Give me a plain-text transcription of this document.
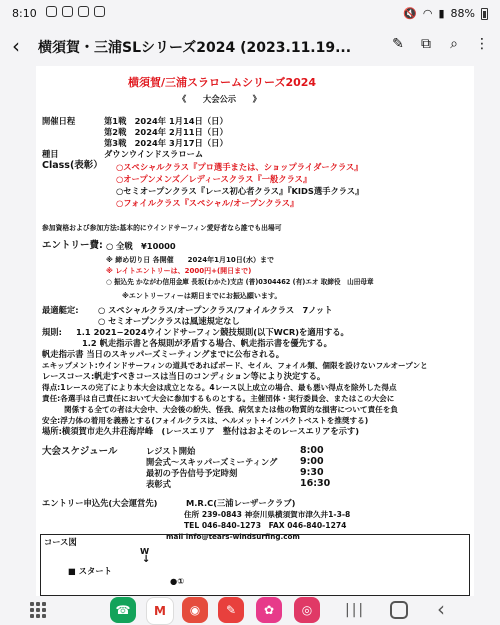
8:10	🔇 ◠ ▮ 88%
‹ 横須賀・三浦SLシリーズ2024 (2023.11.19...	✎ ⧉ ⌕ ⋮
横須賀/三浦スラロームシリーズ2024
《　　大会公示　　》
開催日程	第1戦　2024年 1月14日（日）
第2戦　2024年 2月11日（日）
第3戦　2024年 3月17日（日）
種目	ダウンウインドスラローム
Class(表彰） ○スペシャルクラス『プロ選手または、ショップライダークラス』
○オープンメンズ／レディースクラス『一般クラス』
○セミオープンクラス『レース初心者クラス』『KIDS選手クラス』
○フォイルクラス『スペシャル/オープンクラス』
参加資格および参加方法:基本的にウインドサーフィン愛好者なら誰でも出場可
エントリー費: ○ 全戦　¥10000
※ 締め切り日 各開催　　2024年1月10日(水）まで
※ レイトエントリーは、2000円+(開日まで)
○ 振込先 かながわ信用金庫 長坂(わかた)支店 (普)0304462 (有)エオ 取締役　山田母章
※エントリーフィーは期日までにお振込願います。
最適艇定: ○ スペシャルクラス/オープンクラス/フォイルクラス　7ノット
○ セミオープンクラスは風速規定なし
規則: 1.1 2021−2024ウインドサーフィン競技規則(以下WCR)を適用する。
1.2 帆走指示書と各規則が矛盾する場合、帆走指示書を優先する。
帆走指示書 当日のスキッパーズミーティングまでに公布される。
エキップメント:ウインドサーフィンの道具であればボード、セイル、フォイル類、個限を設けないフルオープンと
レースコース:帆走すべきコースは当日のコンディション等により決定する。
得点:1レースの完了により本大会は成立となる。4レース以上成立の場合、最も悪い得点を除外した得点
責任:各選手は自己責任において大会に参加するものとする。主催団体・実行委員会、またはこの大会に
関係する全ての者は大会中、大会後の紛失、怪我、病気または他の物質的な損害について責任を負
安全:浮力体の着用を義務とする(フォイルクラスは、ヘルメット+インパクトベストを推奨する)
場所:横須賀市走久井荘海岸峰　(レースエリア　整付はおよそのレースエリアを示す)
大会スケジュール	レジスト開始	8:00
開会式〜スキッパーズミーティング 9:00
最初の予告信号予定時刻	9:30
表彰式	16:30
エントリー申込先(大会運営先)	M.R.C(三浦レーザークラブ)
住所 239-0843 神奈川県横須賀市津久井1-3-8
TEL 046-840-1273　FAX 046-840-1274
mail info@tears-windsurfing.com
コース図
W
↓
■ スタート
●①
☎	M	◉	✎	✿	◎	|||	‹
